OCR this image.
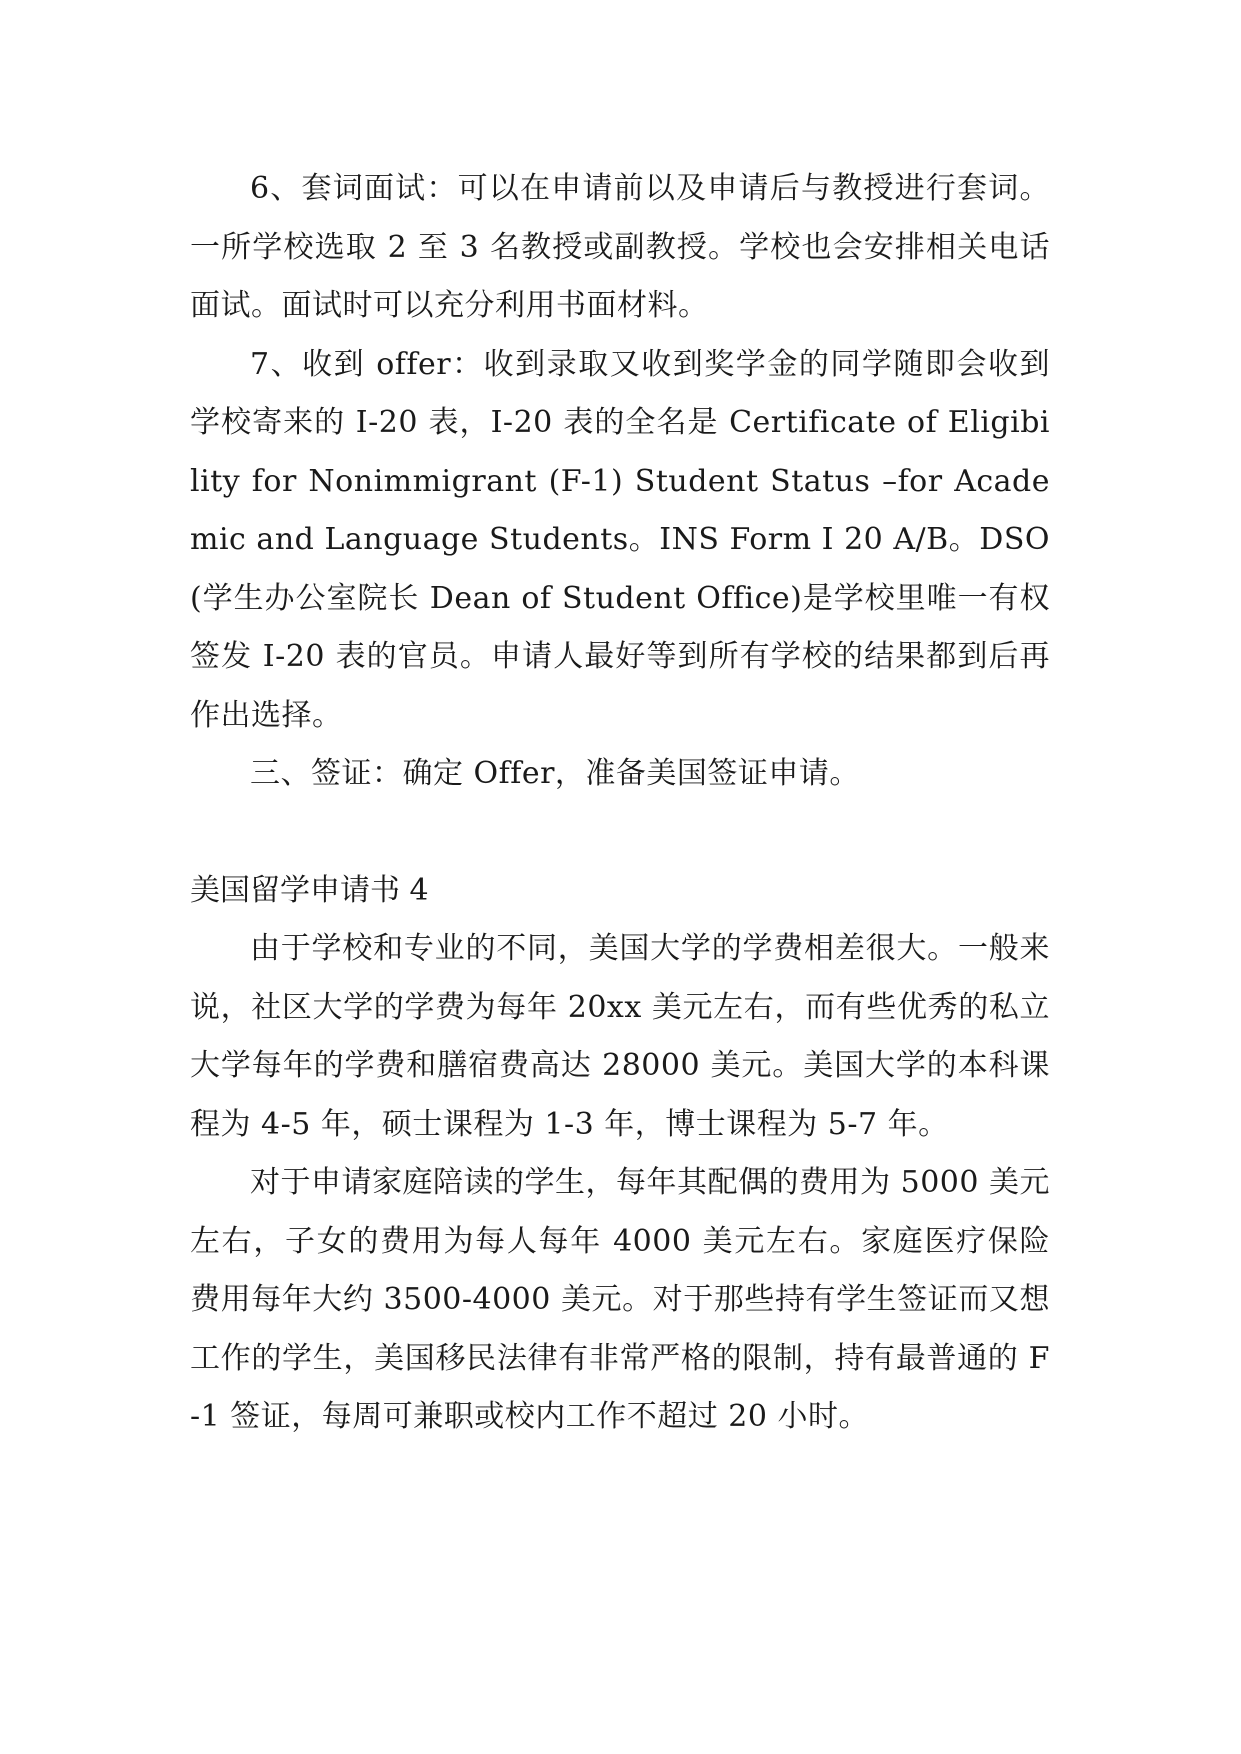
6、套词面试：可以在申请前以及申请后与教授进行套词。一所学校选取 2 至 3 名教授或副教授。学校也会安排相关电话面试。面试时可以充分利用书面材料。

7、收到 offer：收到录取又收到奖学金的同学随即会收到学校寄来的 I-20 表，I-20 表的全名是 Certificate of Eligibility for Nonimmigrant (F-1) Student Status –for Academic and Language Students。INS Form I 20 A/B。DSO(学生办公室院长 Dean of Student Office)是学校里唯一有权签发 I-20 表的官员。申请人最好等到所有学校的结果都到后再作出选择。

三、签证：确定 Offer，准备美国签证申请。

美国留学申请书 4

由于学校和专业的不同，美国大学的学费相差很大。一般来说，社区大学的学费为每年 20xx 美元左右，而有些优秀的私立大学每年的学费和膳宿费高达 28000 美元。美国大学的本科课程为 4-5 年，硕士课程为 1-3 年，博士课程为 5-7 年。

对于申请家庭陪读的学生，每年其配偶的费用为 5000 美元左右，子女的费用为每人每年 4000 美元左右。家庭医疗保险费用每年大约 3500-4000 美元。对于那些持有学生签证而又想工作的学生，美国移民法律有非常严格的限制，持有最普通的 F-1 签证，每周可兼职或校内工作不超过 20 小时。
